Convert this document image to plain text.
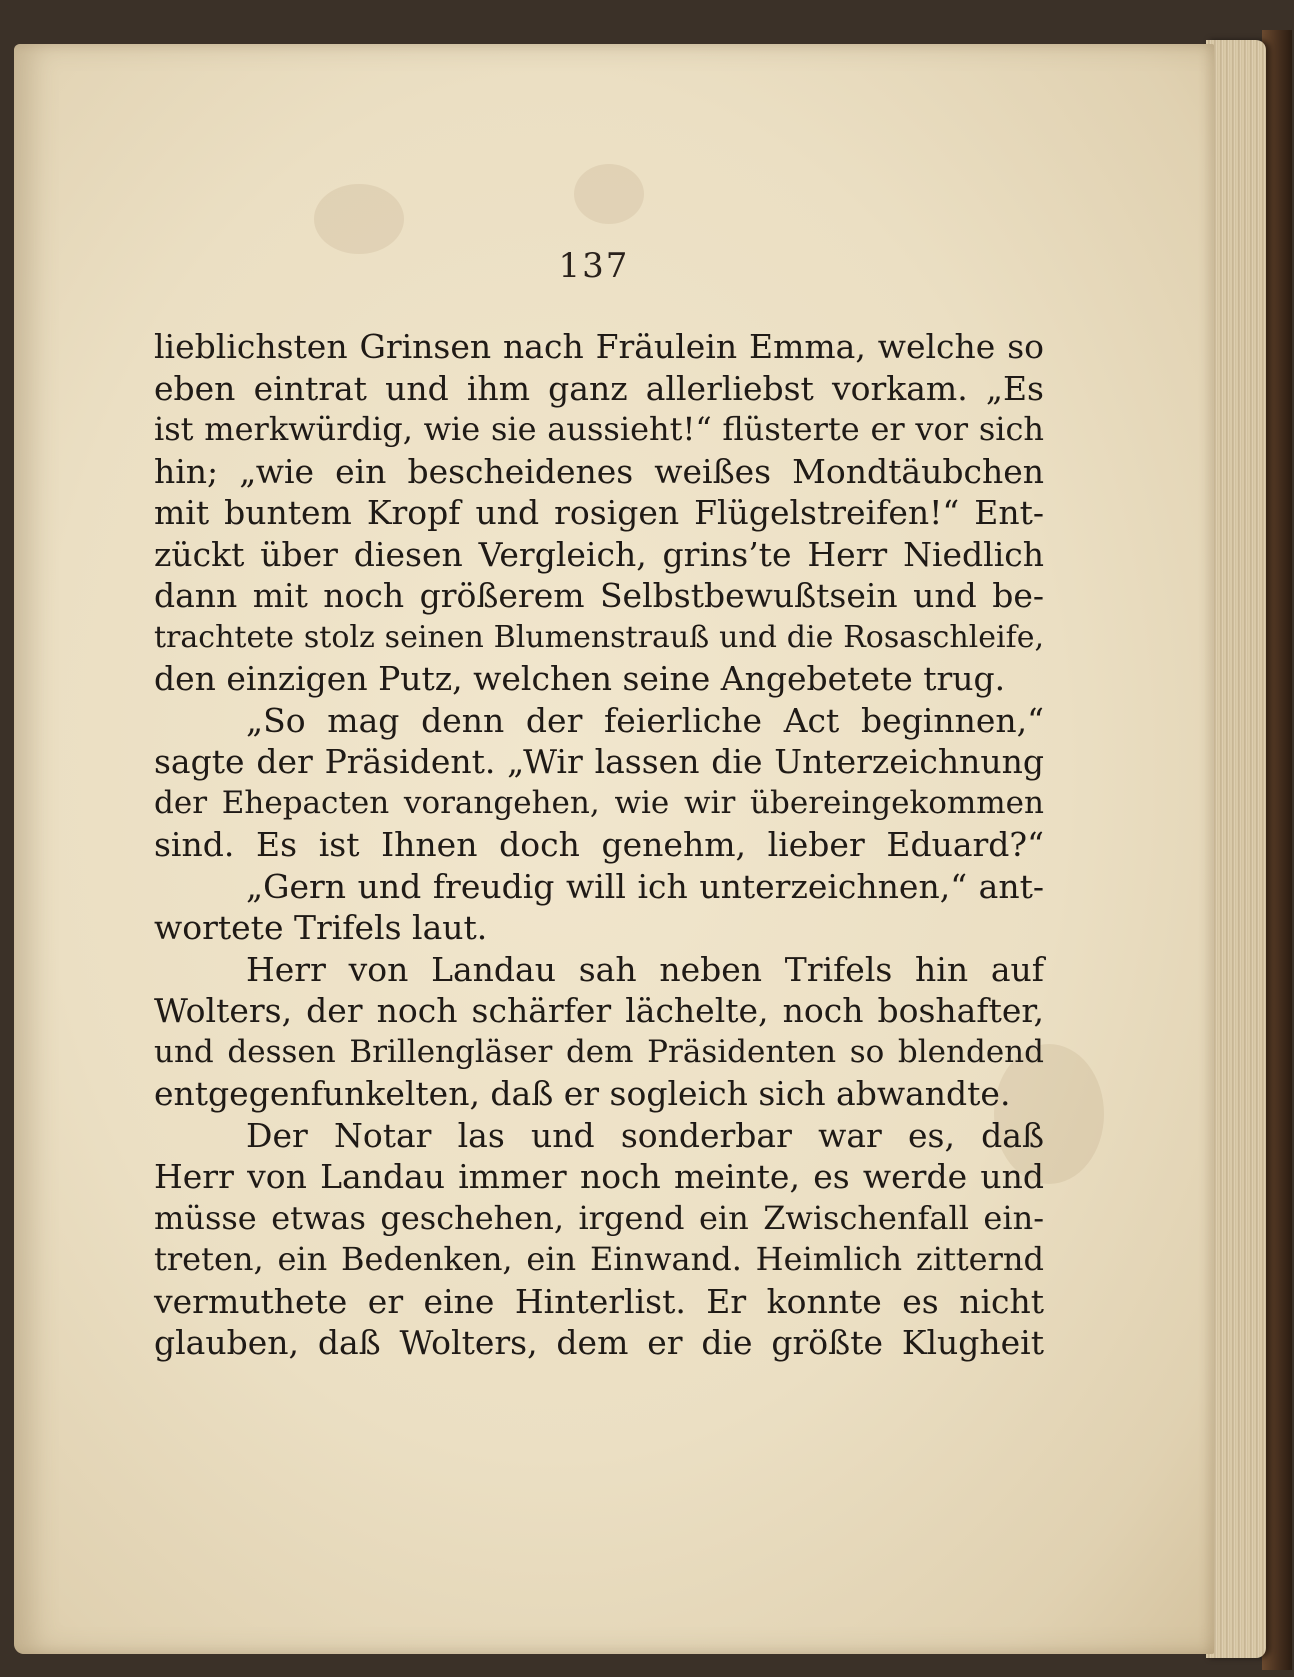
137
lieblichsten Grinsen nach Fräulein Emma, welche so
eben eintrat und ihm ganz allerliebst vorkam. „Es
ist merkwürdig, wie sie aussieht!“ flüsterte er vor sich
hin; „wie ein bescheidenes weißes Mondtäubchen
mit buntem Kropf und rosigen Flügelstreifen!“ Ent-
zückt über diesen Vergleich, grins’te Herr Niedlich
dann mit noch größerem Selbstbewußtsein und be-
trachtete stolz seinen Blumenstrauß und die Rosaschleife,
den einzigen Putz, welchen seine Angebetete trug.
„So mag denn der feierliche Act beginnen,“
sagte der Präsident. „Wir lassen die Unterzeichnung
der Ehepacten vorangehen, wie wir übereingekommen
sind. Es ist Ihnen doch genehm, lieber Eduard?“
„Gern und freudig will ich unterzeichnen,“ ant-
wortete Trifels laut.
Herr von Landau sah neben Trifels hin auf
Wolters, der noch schärfer lächelte, noch boshafter,
und dessen Brillengläser dem Präsidenten so blendend
entgegenfunkelten, daß er sogleich sich abwandte.
Der Notar las und sonderbar war es, daß
Herr von Landau immer noch meinte, es werde und
müsse etwas geschehen, irgend ein Zwischenfall ein-
treten, ein Bedenken, ein Einwand. Heimlich zitternd
vermuthete er eine Hinterlist. Er konnte es nicht
glauben, daß Wolters, dem er die größte Klugheit
